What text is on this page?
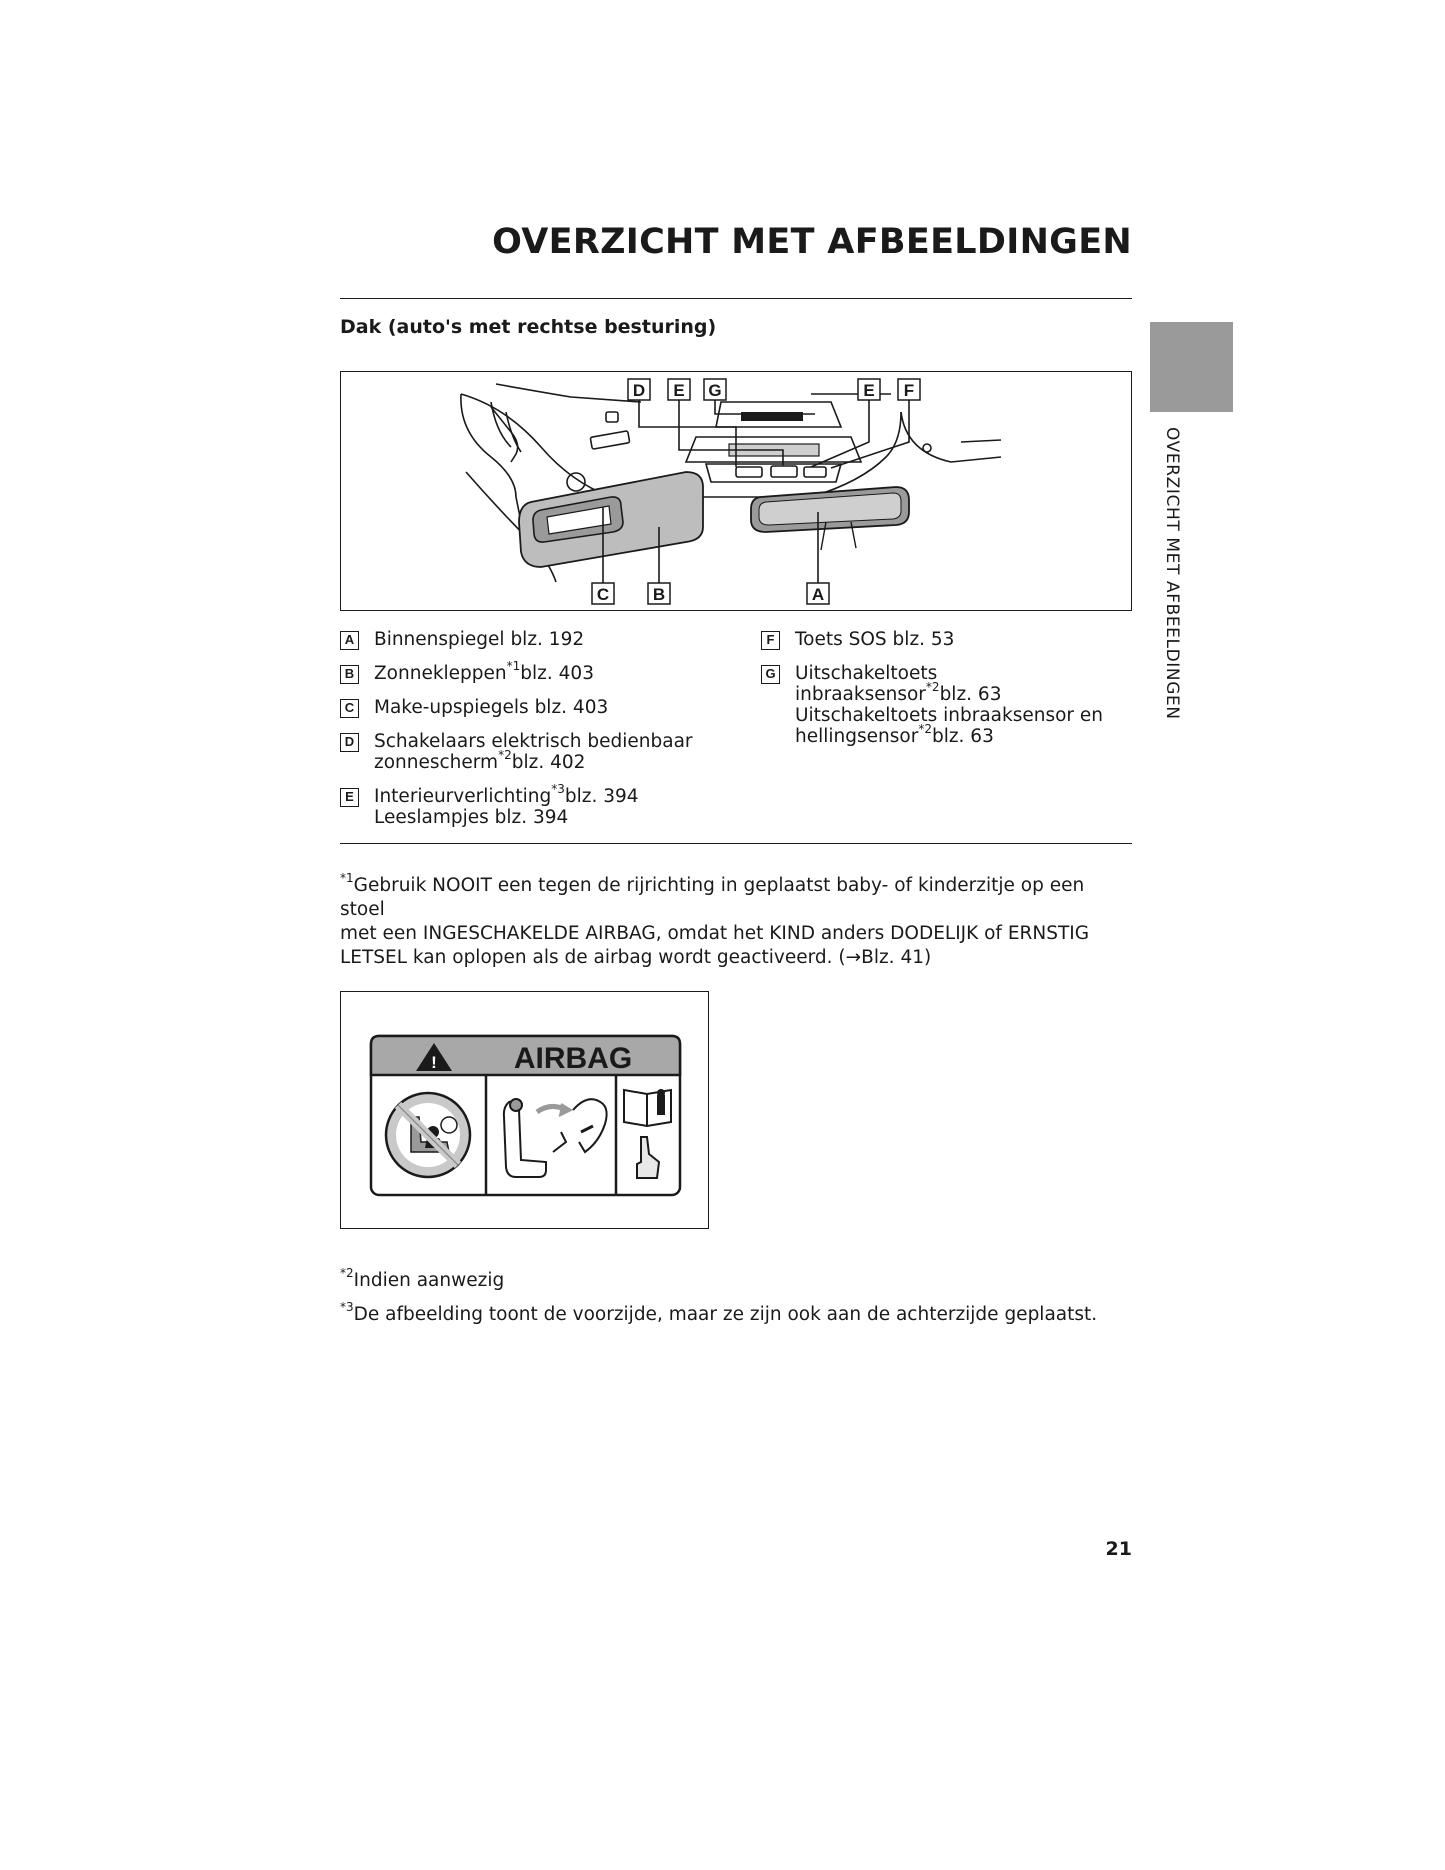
OVERZICHT MET AFBEELDINGEN
Dak (auto's met rechtse besturing)
OVERZICHT MET AFBEELDINGEN
D E G	E F
C	B	A
A Binnenspiegel blz. 192
B Zonnekleppen$^{*1}$blz. 403
C Make-upspiegels blz. 403
D Schakelaars elektrisch bedienbaar
zonnescherm$^{*2}$blz. 402
E Interieurverlichting$^{*3}$blz. 394
Leeslampjes blz. 394
F Toets SOS blz. 53
G Uitschakeltoets
inbraaksensor$^{*2}$blz. 63
Uitschakeltoets inbraaksensor en
hellingsensor$^{*2}$blz. 63
$^{*1}$Gebruik NOOIT een tegen de rijrichting in geplaatst baby- of kinderzitje op een stoel
met een INGESCHAKELDE AIRBAG, omdat het KIND anders DODELIJK of ERNSTIG
LETSEL kan oplopen als de airbag wordt geactiveerd. (→Blz. 41)
!	AIRBAG
$^{*2}$Indien aanwezig
$^{*3}$De afbeelding toont de voorzijde, maar ze zijn ook aan de achterzijde geplaatst.
21
